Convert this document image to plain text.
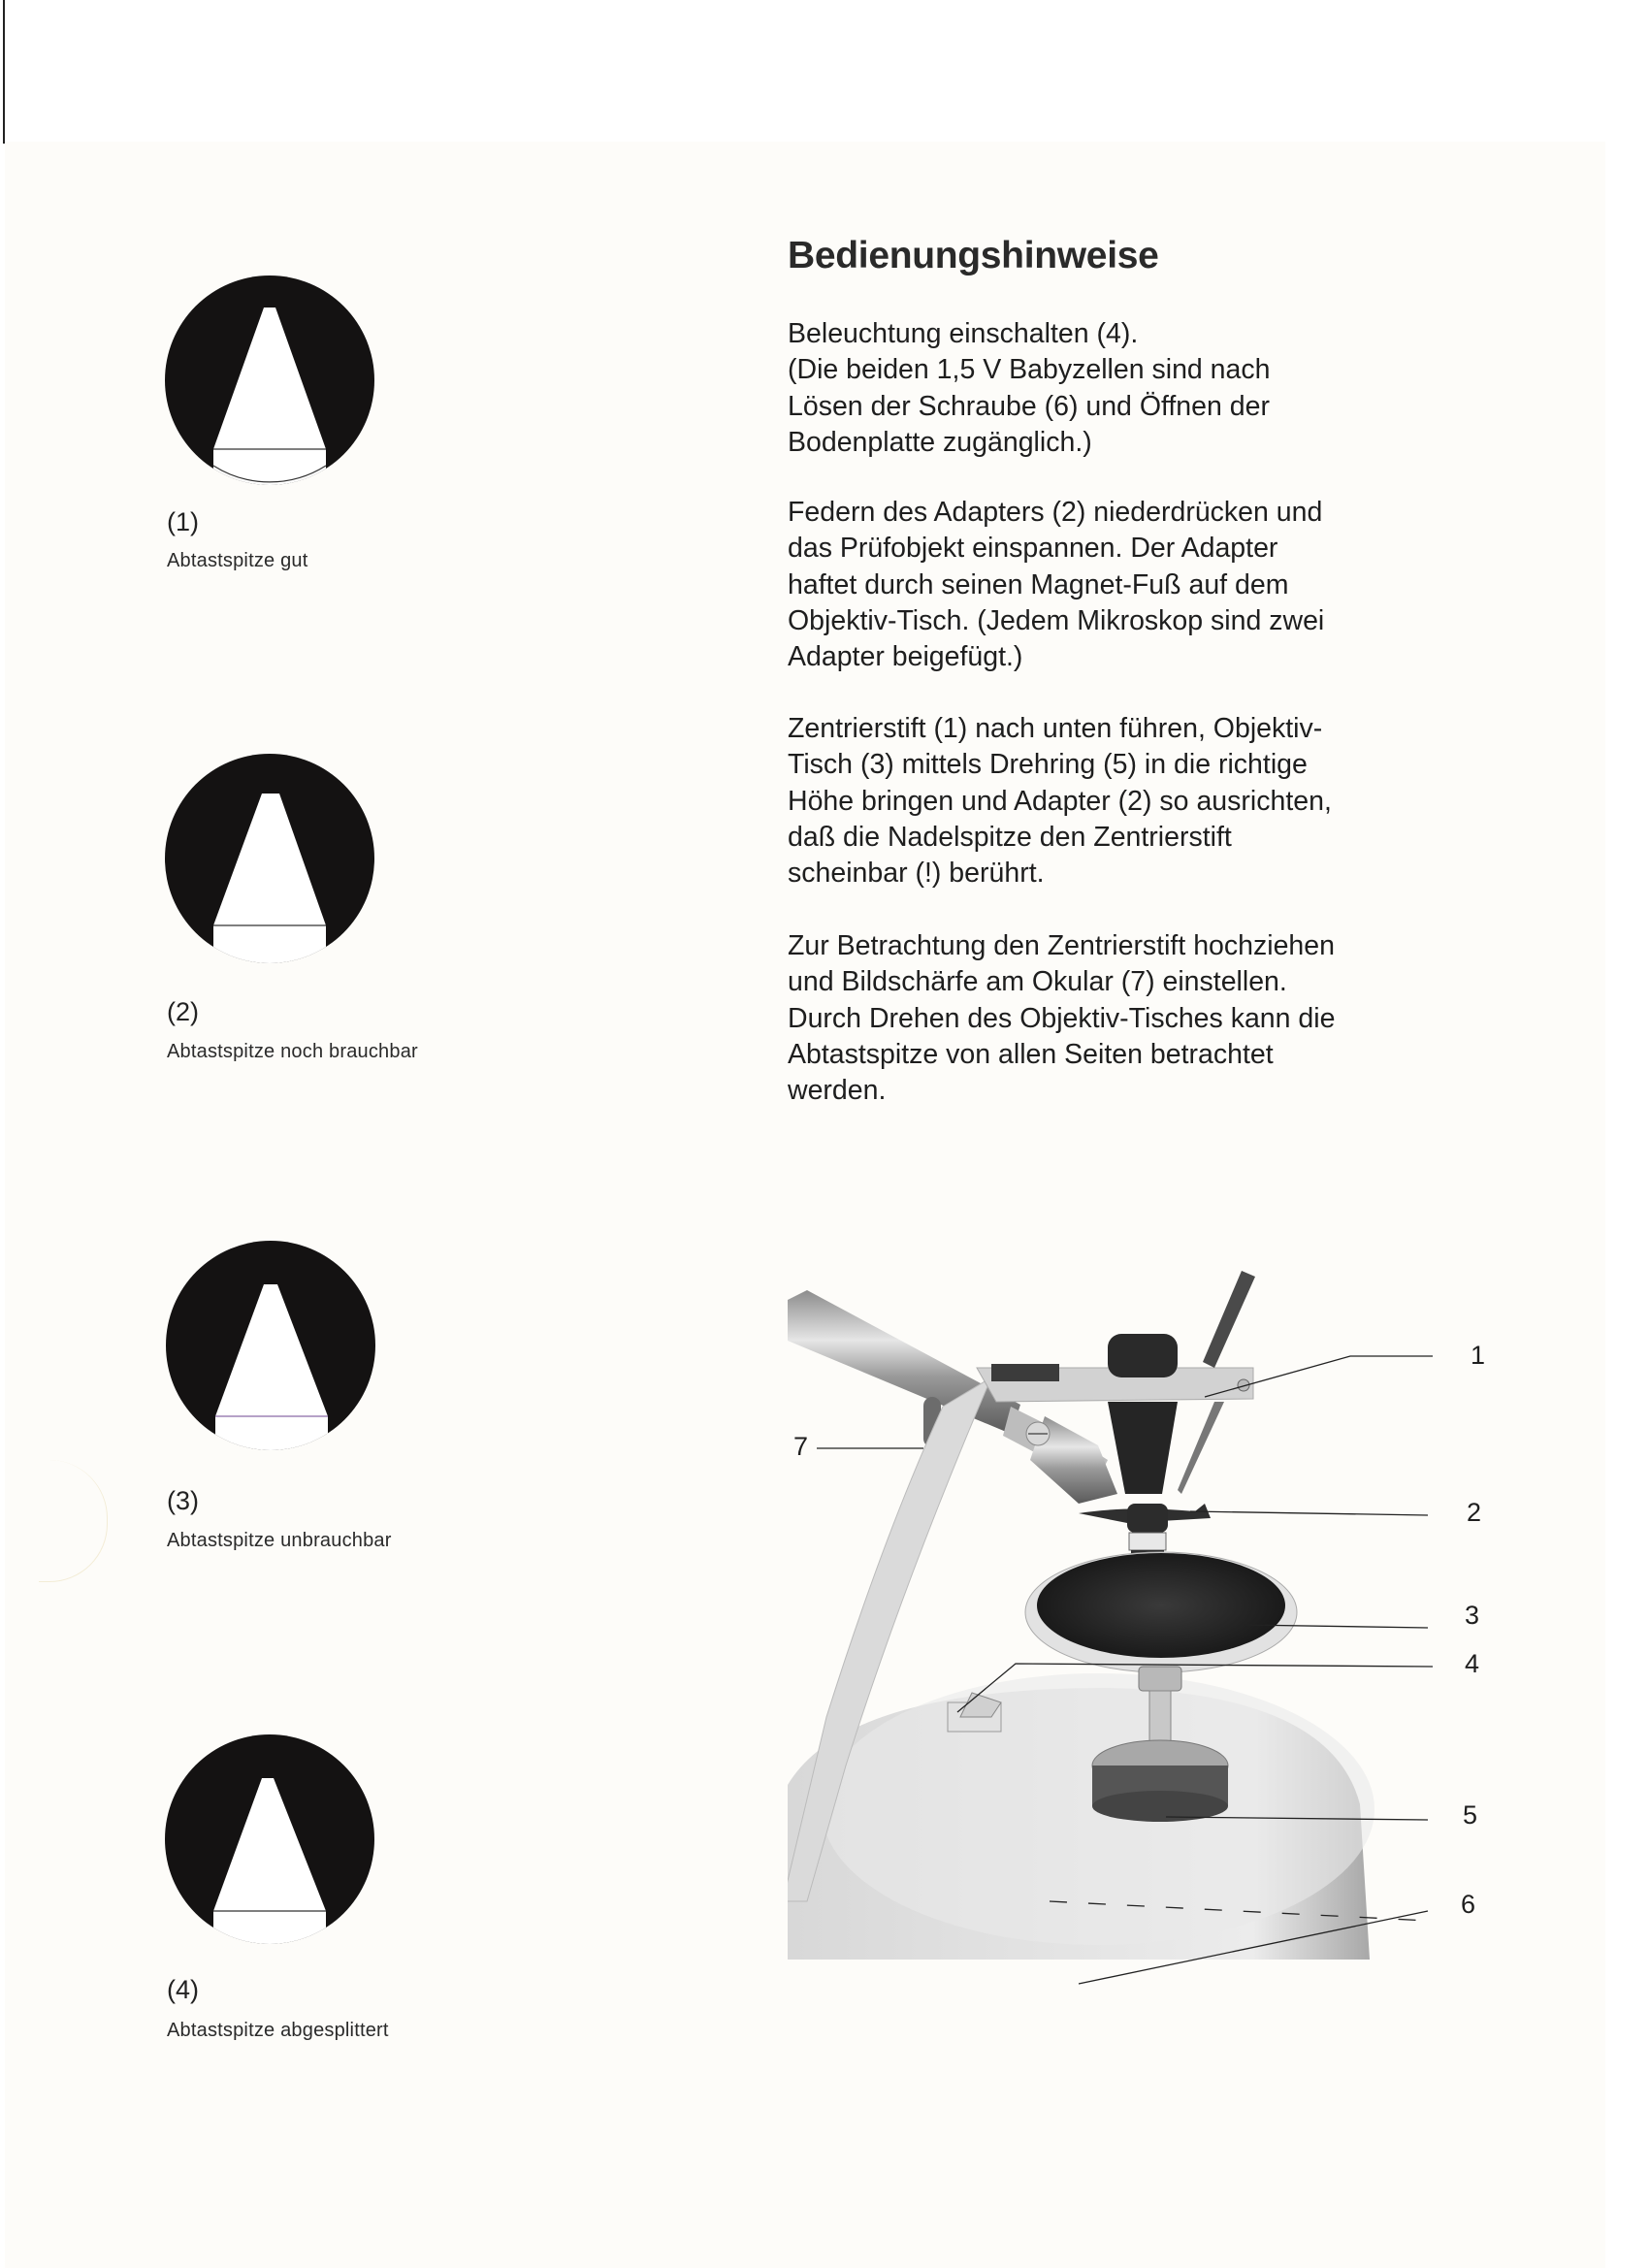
(1)
Abtastspitze gut
(2)
Abtastspitze noch brauchbar
(3)
Abtastspitze unbrauchbar
(4)
Abtastspitze abgesplittert
Bedienungshinweise
Beleuchtung einschalten (4).
(Die beiden 1,5 V Babyzellen sind nach
Lösen der Schraube (6) und Öffnen der
Bodenplatte zugänglich.)
Federn des Adapters (2) niederdrücken und
das Prüfobjekt einspannen. Der Adapter
haftet durch seinen Magnet-Fuß auf dem
Objektiv-Tisch. (Jedem Mikroskop sind zwei
Adapter beigefügt.)
Zentrierstift (1) nach unten führen, Objektiv-
Tisch (3) mittels Drehring (5) in die richtige
Höhe bringen und Adapter (2) so ausrichten,
daß die Nadelspitze den Zentrierstift
scheinbar (!) berührt.
Zur Betrachtung den Zentrierstift hochziehen
und Bildschärfe am Okular (7) einstellen.
Durch Drehen des Objektiv-Tisches kann die
Abtastspitze von allen Seiten betrachtet
werden.
1
2
3
4
5
6
7
